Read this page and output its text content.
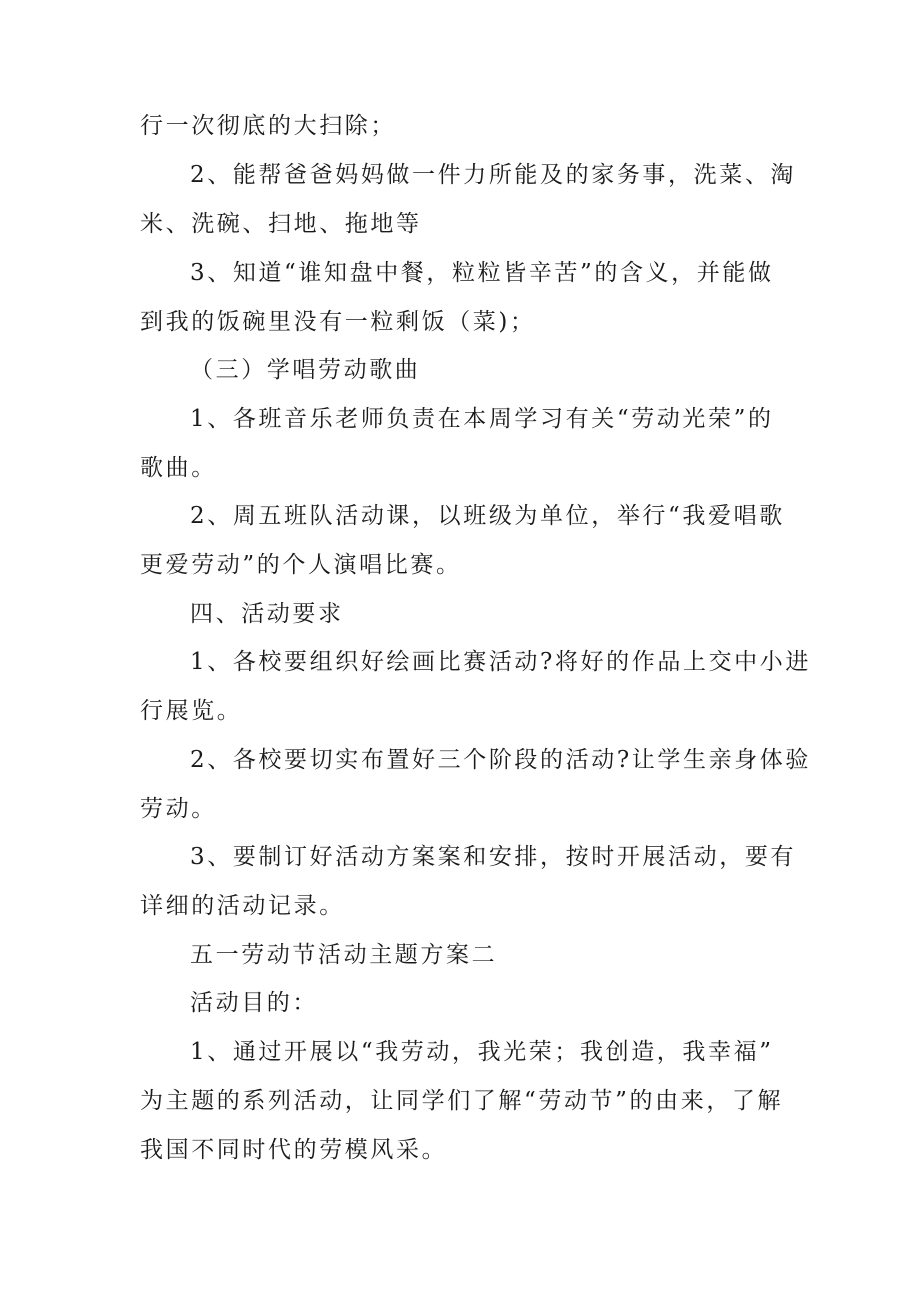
行一次彻底的大扫除；

2、能帮爸爸妈妈做一件力所能及的家务事，洗菜、淘

米、洗碗、扫地、拖地等

3、知道“谁知盘中餐，粒粒皆辛苦”的含义，并能做

到我的饭碗里没有一粒剩饭（菜)；

（三）学唱劳动歌曲

1、各班音乐老师负责在本周学习有关“劳动光荣”的

歌曲。

2、周五班队活动课，以班级为单位，举行“我爱唱歌

更爱劳动”的个人演唱比赛。

四、活动要求

1、各校要组织好绘画比赛活动?将好的作品上交中小进

行展览。

2、各校要切实布置好三个阶段的活动?让学生亲身体验

劳动。

3、要制订好活动方案案和安排，按时开展活动，要有

详细的活动记录。

五一劳动节活动主题方案二

活动目的：

1、通过开展以“我劳动，我光荣；我创造，我幸福”

为主题的系列活动，让同学们了解“劳动节”的由来，了解

我国不同时代的劳模风采。
